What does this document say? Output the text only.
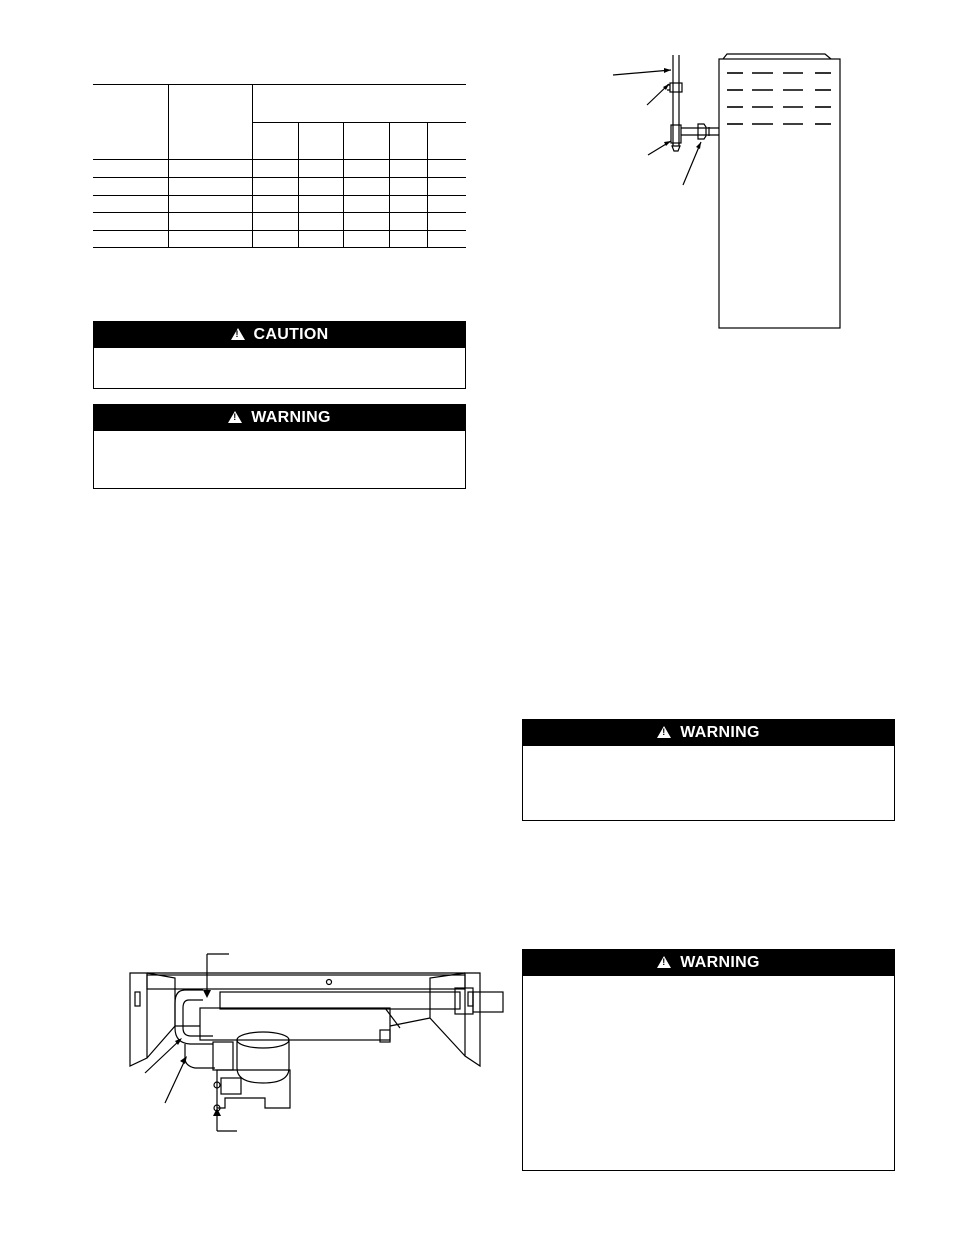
!
CAUTION
!
WARNING
!
WARNING
!
WARNING
